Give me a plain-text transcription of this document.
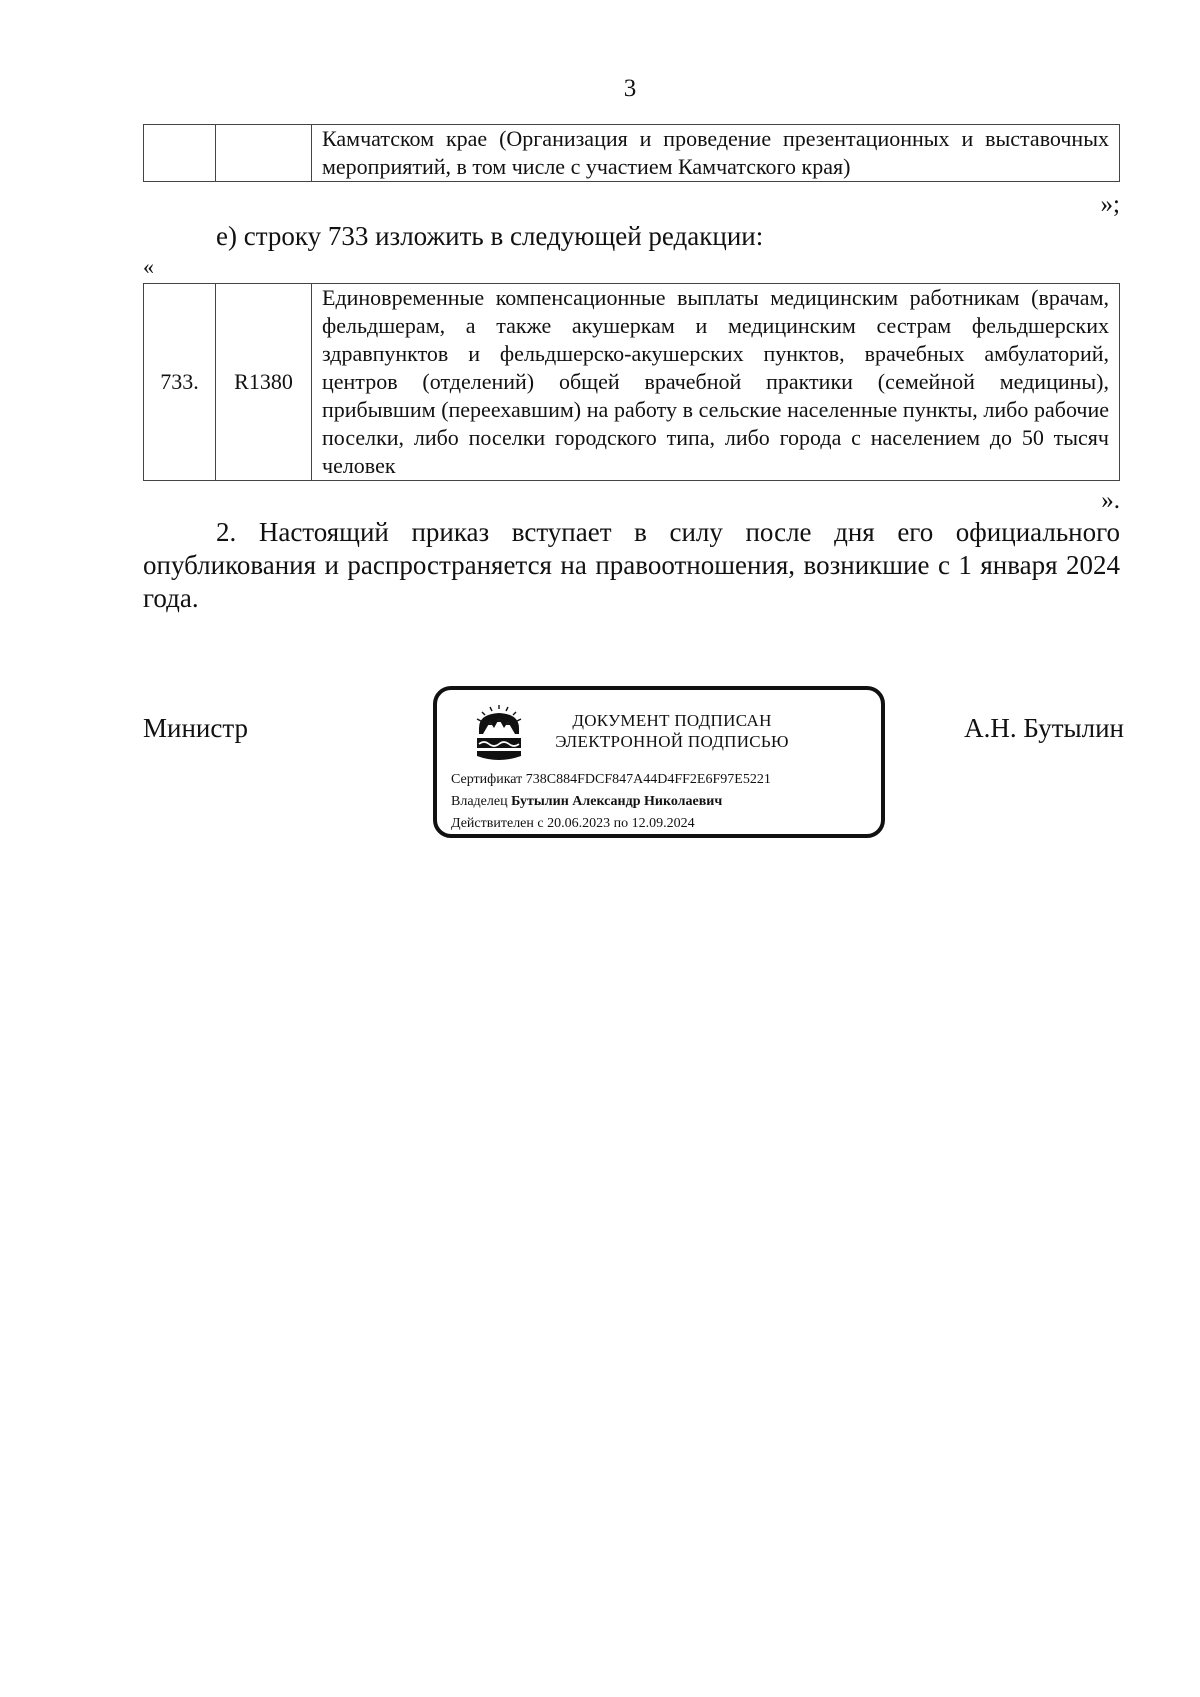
3
		Камчатском крае (Организация и проведение презентационных и выставочных мероприятий, в том числе с участием Камчатского края)
»;
е) строку 733 изложить в следующей редакции:
«
733.	R1380	Единовременные компенсационные выплаты медицинским работникам (врачам, фельдшерам, а также акушеркам и медицинским сестрам фельдшерских здравпунктов и фельдшерско-акушерских пунктов, врачебных амбулаторий, центров (отделений) общей врачебной практики (семейной медицины), прибывшим (переехавшим) на работу в сельские населенные пункты, либо рабочие поселки, либо поселки городского типа, либо города с населением до 50 тысяч человек
».
2. Настоящий приказ вступает в силу после дня его официального опубликования и распространяется на правоотношения, возникшие с 1 января 2024 года.
Министр	ДОКУМЕНТ ПОДПИСАН
ЭЛЕКТРОННОЙ ПОДПИСЬЮ
Сертификат 738C884FDCF847A44D4FF2E6F97E5221
Владелец Бутылин Александр Николаевич
Действителен с 20.06.2023 по 12.09.2024
А.Н. Бутылин
